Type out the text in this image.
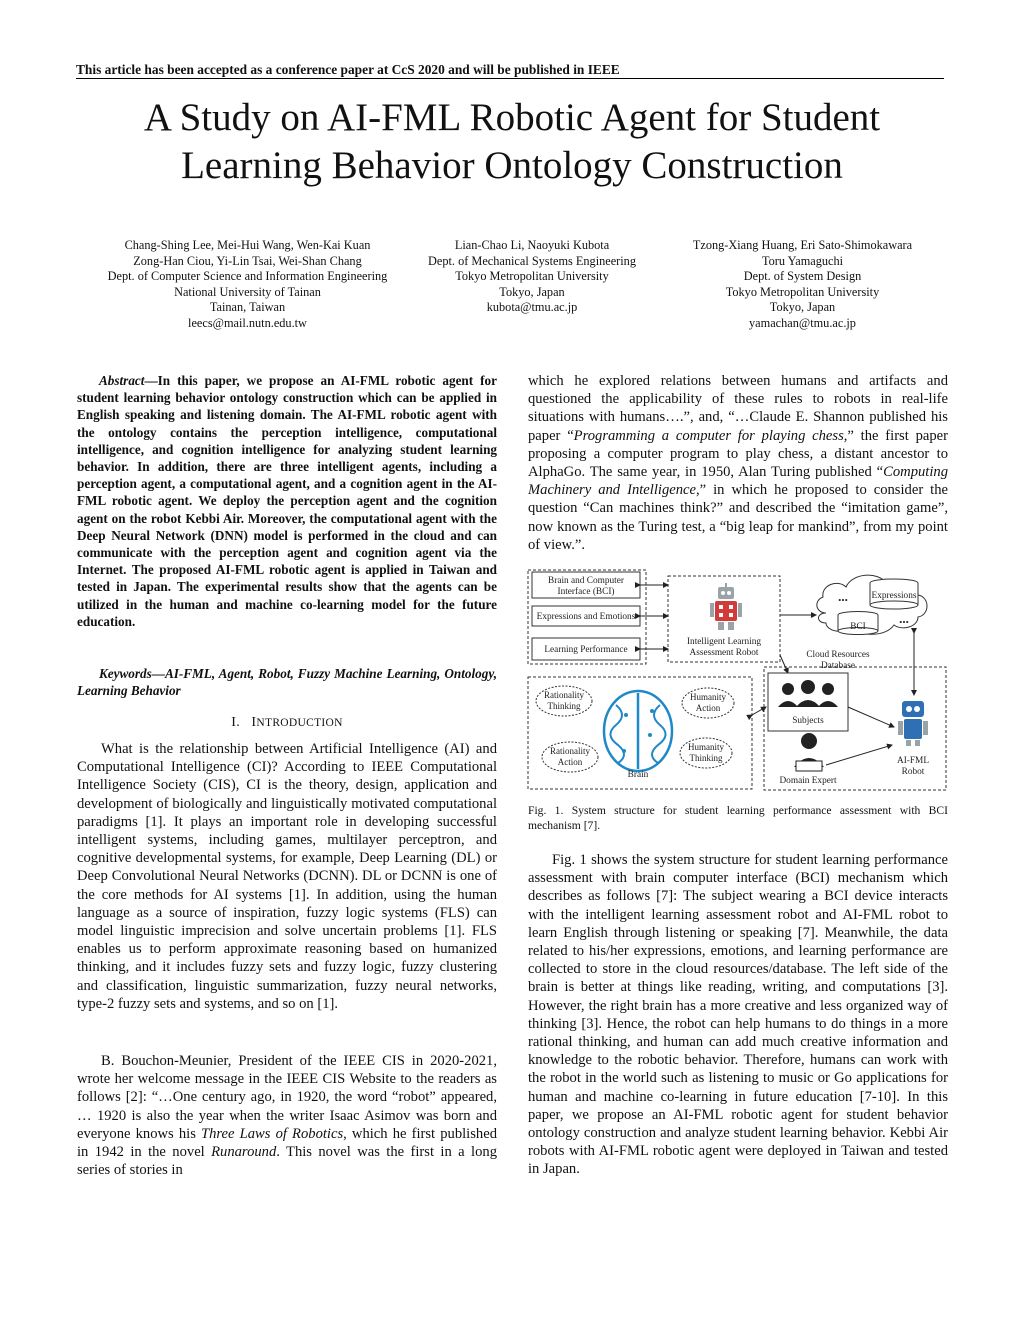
This article has been accepted as a conference paper at CcS 2020 and will be published in IEEE
A Study on AI-FML Robotic Agent for Student
Learning Behavior Ontology Construction
Chang-Shing Lee, Mei-Hui Wang, Wen-Kai Kuan
Zong-Han Ciou, Yi-Lin Tsai, Wei-Shan Chang
Dept. of Computer Science and Information Engineering
National University of Tainan
Tainan, Taiwan
leecs@mail.nutn.edu.tw
Lian-Chao Li, Naoyuki Kubota
Dept. of Mechanical Systems Engineering
Tokyo Metropolitan University
Tokyo, Japan
kubota@tmu.ac.jp
Tzong-Xiang Huang, Eri Sato-Shimokawara
Toru Yamaguchi
Dept. of System Design
Tokyo Metropolitan University
Tokyo, Japan
yamachan@tmu.ac.jp
Abstract—In this paper, we propose an AI-FML robotic agent for student learning behavior ontology construction which can be applied in English speaking and listening domain. The AI-FML robotic agent with the ontology contains the perception intelligence, computational intelligence, and cognition intelligence for analyzing student learning behavior. In addition, there are three intelligent agents, including a perception agent, a computational agent, and a cognition agent in the AI-FML robotic agent. We deploy the perception agent and the cognition agent on the robot Kebbi Air. Moreover, the computational agent with the Deep Neural Network (DNN) model is performed in the cloud and can communicate with the perception agent and cognition agent via the Internet. The proposed AI-FML robotic agent is applied in Taiwan and tested in Japan. The experimental results show that the agents can be utilized in the human and machine co-learning model for the future education.
Keywords—AI-FML, Agent, Robot, Fuzzy Machine Learning, Ontology, Learning Behavior
I. INTRODUCTION

What is the relationship between Artificial Intelligence (AI) and Computational Intelligence (CI)? According to IEEE Computational Intelligence Society (CIS), CI is the theory, design, application and development of biologically and linguistically motivated computational paradigms [1]. It plays an important role in developing successful intelligent systems, including games, multilayer perceptron, and cognitive developmental systems, for example, Deep Learning (DL) or Deep Convolutional Neural Networks (DCNN). DL or DCNN is one of the core methods for AI systems [1]. In addition, using the human language as a source of inspiration, fuzzy logic systems (FLS) can model linguistic imprecision and solve uncertain problems [1]. FLS enables us to perform approximate reasoning based on humanized thinking, and it includes fuzzy sets and fuzzy logic, fuzzy clustering and classification, linguistic summarization, fuzzy neural networks, type-2 fuzzy sets and systems, and so on [1].

B. Bouchon-Meunier, President of the IEEE CIS in 2020-2021, wrote her welcome message in the IEEE CIS Website to the readers as follows [2]: “…One century ago, in 1920, the word “robot” appeared, … 1920 is also the year when the writer Isaac Asimov was born and everyone knows his Three Laws of Robotics, which he first published in 1942 in the novel Runaround. This novel was the first in a long series of stories in

which he explored relations between humans and artifacts and questioned the applicability of these rules to robots in real-life situations with humans….”, and, “…Claude E. Shannon published his paper “Programming a computer for playing chess,” the first paper proposing a computer program to play chess, a distant ancestor to AlphaGo. The same year, in 1950, Alan Turing published “Computing Machinery and Intelligence,” in which he proposed to consider the question “Can machines think?” and described the “imitation game”, now known as the Turing test, a “big leap for mankind”, from my point of view.”.

Brain and Computer
Interface (BCI)
Expressions and Emotions
Learning Performance
Intelligent Learning
Assessment Robot
...	Expressions
BCI
...
Cloud Resources
Database
Brain
Rationality
Thinking
Rationality
Action
Humanity
Action
Humanity
Thinking
Subjects
Domain Expert
AI-FML
Robot
Fig. 1. System structure for student learning performance assessment with BCI mechanism [7].

Fig. 1 shows the system structure for student learning performance assessment with brain computer interface (BCI) mechanism which describes as follows [7]: The subject wearing a BCI device interacts with the intelligent learning assessment robot and AI-FML robot to learn English through listening or speaking [7]. Meanwhile, the data related to his/her expressions, emotions, and learning performance are collected to store in the cloud resources/database. The left side of the brain is better at things like reading, writing, and computations [3]. However, the right brain has a more creative and less organized way of thinking [3]. Hence, the robot can help humans to do things in a more rational thinking, and human can add much creative information and knowledge to the robotic behavior. Therefore, humans can work with the robot in the world such as listening to music or Go applications for human and machine co-learning in future education [7-10]. In this paper, we propose an AI-FML robotic agent for student behavior ontology construction and analyze student learning behavior. Kebbi Air robots with AI-FML robotic agent were deployed in Taiwan and tested in Japan.
